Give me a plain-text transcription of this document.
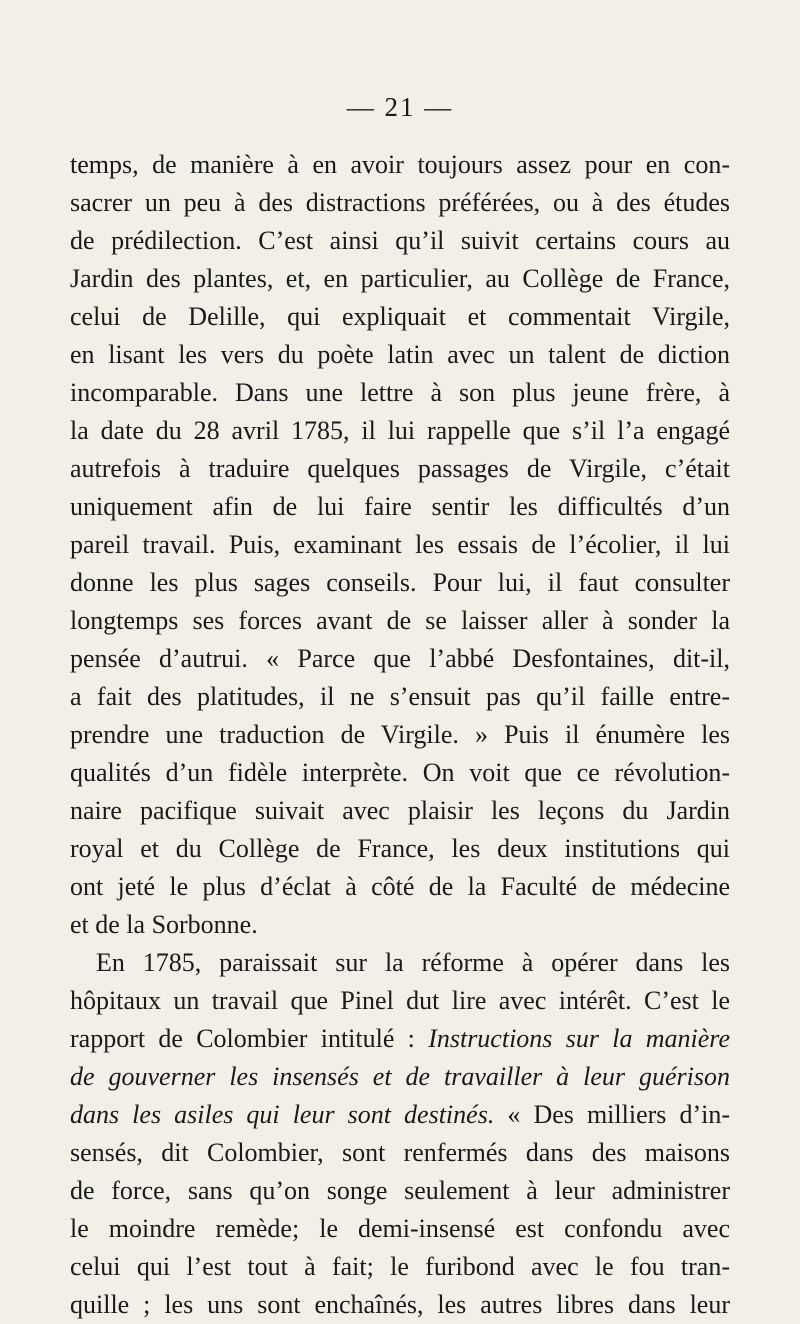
— 21 —
temps, de manière à en avoir toujours assez pour en con-
sacrer un peu à des distractions préférées, ou à des études
de prédilection. C’est ainsi qu’il suivit certains cours au
Jardin des plantes, et, en particulier, au Collège de France,
celui de Delille, qui expliquait et commentait Virgile,
en lisant les vers du poète latin avec un talent de diction
incomparable. Dans une lettre à son plus jeune frère, à
la date du 28 avril 1785, il lui rappelle que s’il l’a engagé
autrefois à traduire quelques passages de Virgile, c’était
uniquement afin de lui faire sentir les difficultés d’un
pareil travail. Puis, examinant les essais de l’écolier, il lui
donne les plus sages conseils. Pour lui, il faut consulter
longtemps ses forces avant de se laisser aller à sonder la
pensée d’autrui. « Parce que l’abbé Desfontaines, dit-il,
a fait des platitudes, il ne s’ensuit pas qu’il faille entre-
prendre une traduction de Virgile. » Puis il énumère les
qualités d’un fidèle interprète. On voit que ce révolution-
naire pacifique suivait avec plaisir les leçons du Jardin
royal et du Collège de France, les deux institutions qui
ont jeté le plus d’éclat à côté de la Faculté de médecine
et de la Sorbonne.
En 1785, paraissait sur la réforme à opérer dans les
hôpitaux un travail que Pinel dut lire avec intérêt. C’est le
rapport de Colombier intitulé : Instructions sur la manière
de gouverner les insensés et de travailler à leur guérison
dans les asiles qui leur sont destinés. « Des milliers d’in-
sensés, dit Colombier, sont renfermés dans des maisons
de force, sans qu’on songe seulement à leur administrer
le moindre remède; le demi-insensé est confondu avec
celui qui l’est tout à fait; le furibond avec le fou tran-
quille ; les uns sont enchaînés, les autres libres dans leur
